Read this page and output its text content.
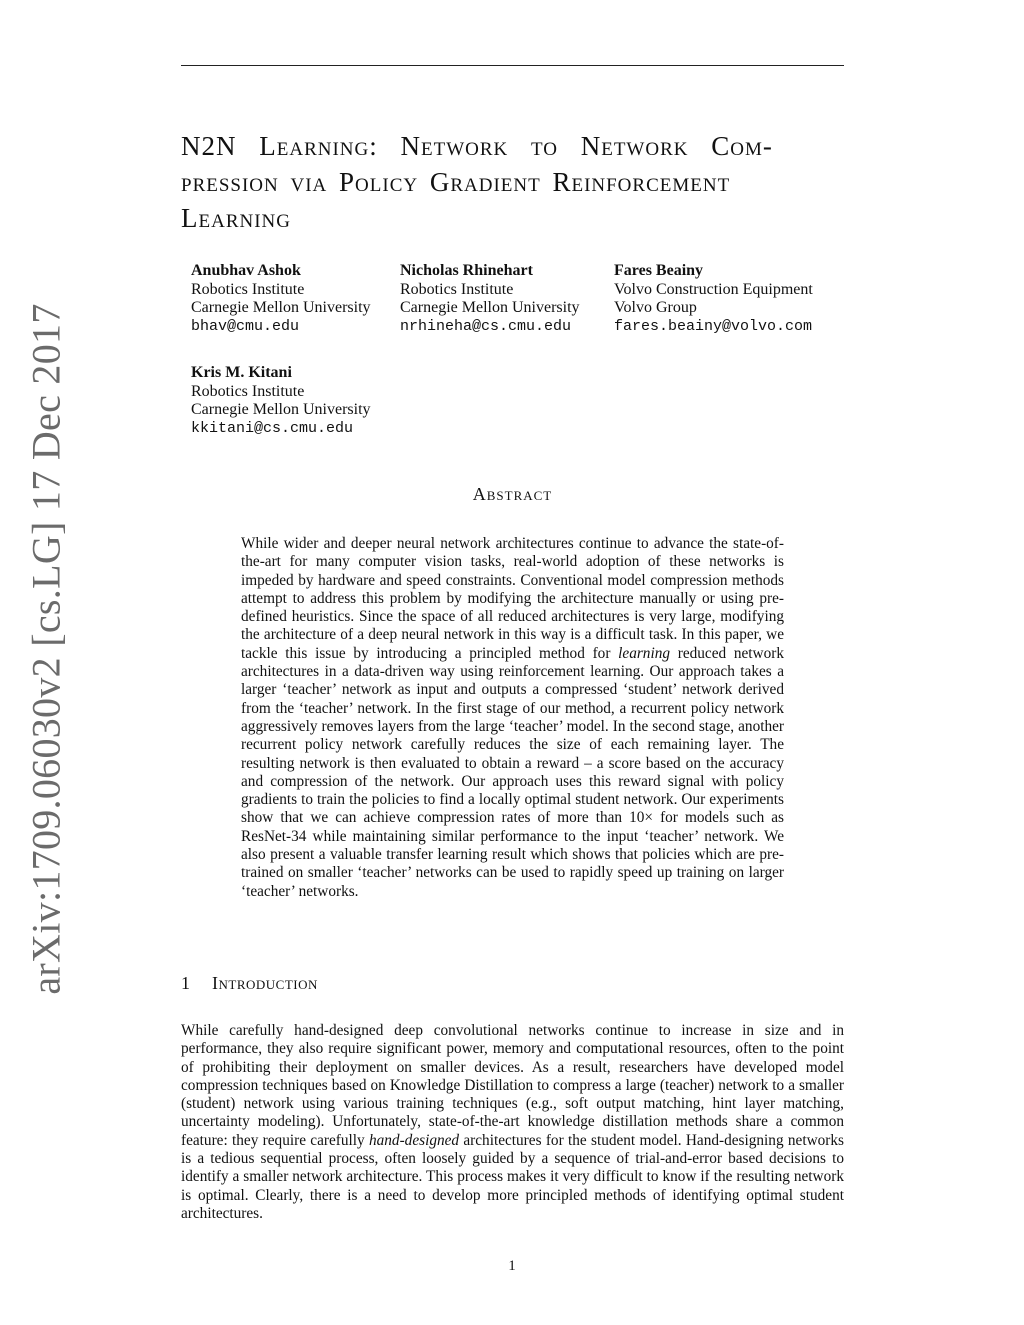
arXiv:1709.06030v2 [cs.LG] 17 Dec 2017
N2N Learning: Network to Network Com-
pression via Policy Gradient Reinforcement
Learning
Anubhav Ashok
Robotics Institute
Carnegie Mellon University
bhav@cmu.edu
Nicholas Rhinehart
Robotics Institute
Carnegie Mellon University
nrhineha@cs.cmu.edu
Fares Beainy
Volvo Construction Equipment
Volvo Group
fares.beainy@volvo.com
Kris M. Kitani
Robotics Institute
Carnegie Mellon University
kkitani@cs.cmu.edu
Abstract

While wider and deeper neural network architectures continue to advance the state-of-the-art for many computer vision tasks, real-world adoption of these networks is impeded by hardware and speed constraints. Conventional model compression methods attempt to address this problem by modifying the architecture manually or using pre-defined heuristics. Since the space of all reduced architectures is very large, modifying the architecture of a deep neural network in this way is a difficult task. In this paper, we tackle this issue by introducing a principled method for learning reduced network architectures in a data-driven way using reinforcement learning. Our approach takes a larger ‘teacher’ network as input and outputs a compressed ‘student’ network derived from the ‘teacher’ network. In the first stage of our method, a recurrent policy network aggressively removes layers from the large ‘teacher’ model. In the second stage, another recurrent policy network carefully reduces the size of each remaining layer. The resulting network is then evaluated to obtain a reward – a score based on the accuracy and compression of the network. Our approach uses this reward signal with policy gradients to train the policies to find a locally optimal student network. Our experiments show that we can achieve compression rates of more than 10× for models such as ResNet-34 while maintaining similar performance to the input ‘teacher’ network. We also present a valuable transfer learning result which shows that policies which are pre-trained on smaller ‘teacher’ networks can be used to rapidly speed up training on larger ‘teacher’ networks.

1 Introduction

While carefully hand-designed deep convolutional networks continue to increase in size and in performance, they also require significant power, memory and computational resources, often to the point of prohibiting their deployment on smaller devices. As a result, researchers have developed model compression techniques based on Knowledge Distillation to compress a large (teacher) network to a smaller (student) network using various training techniques (e.g., soft output matching, hint layer matching, uncertainty modeling). Unfortunately, state-of-the-art knowledge distillation methods share a common feature: they require carefully hand-designed architectures for the student model. Hand-designing networks is a tedious sequential process, often loosely guided by a sequence of trial-and-error based decisions to identify a smaller network architecture. This process makes it very difficult to know if the resulting network is optimal. Clearly, there is a need to develop more principled methods of identifying optimal student architectures.

1
